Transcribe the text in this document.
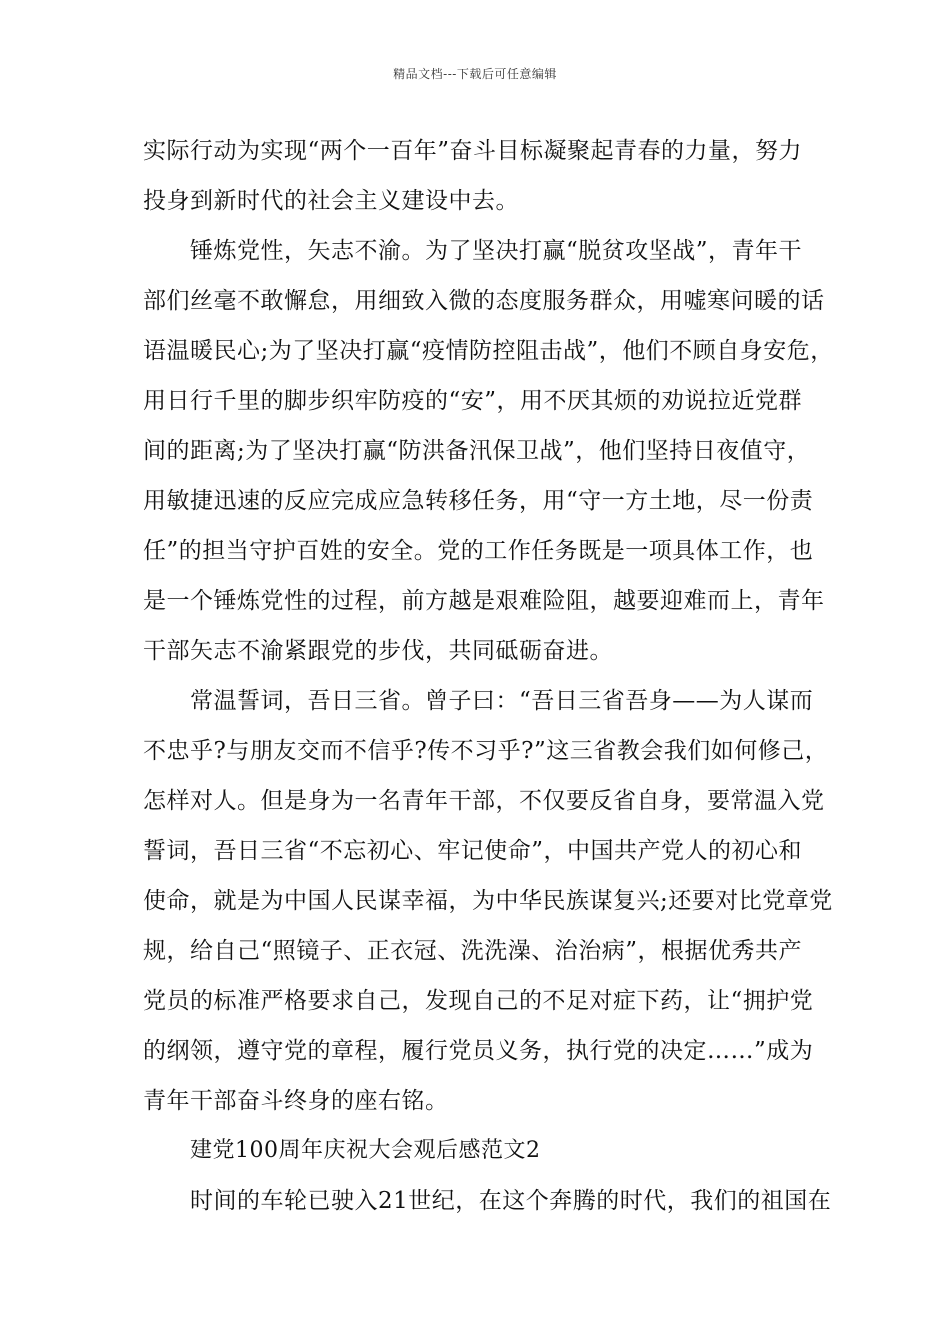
精品文档---下载后可任意编辑
实际行动为实现“两个一百年”奋斗目标凝聚起青春的力量，努力
投身到新时代的社会主义建设中去。
锤炼党性，矢志不渝。为了坚决打赢“脱贫攻坚战”，青年干
部们丝毫不敢懈怠，用细致入微的态度服务群众，用嘘寒问暖的话
语温暖民心;为了坚决打赢“疫情防控阻击战”，他们不顾自身安危，
用日行千里的脚步织牢防疫的“安”，用不厌其烦的劝说拉近党群
间的距离;为了坚决打赢“防洪备汛保卫战”，他们坚持日夜值守，
用敏捷迅速的反应完成应急转移任务，用“守一方土地，尽一份责
任”的担当守护百姓的安全。党的工作任务既是一项具体工作，也
是一个锤炼党性的过程，前方越是艰难险阻，越要迎难而上，青年
干部矢志不渝紧跟党的步伐，共同砥砺奋进。
常温誓词，吾日三省。曾子曰：“吾日三省吾身——为人谋而
不忠乎?与朋友交而不信乎?传不习乎?”这三省教会我们如何修己，
怎样对人。但是身为一名青年干部，不仅要反省自身，要常温入党
誓词，吾日三省“不忘初心、牢记使命”，中国共产党人的初心和
使命，就是为中国人民谋幸福，为中华民族谋复兴;还要对比党章党
规，给自己“照镜子、正衣冠、洗洗澡、治治病”，根据优秀共产
党员的标准严格要求自己，发现自己的不足对症下药，让“拥护党
的纲领，遵守党的章程，履行党员义务，执行党的决定……”成为
青年干部奋斗终身的座右铭。
建党100周年庆祝大会观后感范文2
时间的车轮已驶入21世纪，在这个奔腾的时代，我们的祖国在
